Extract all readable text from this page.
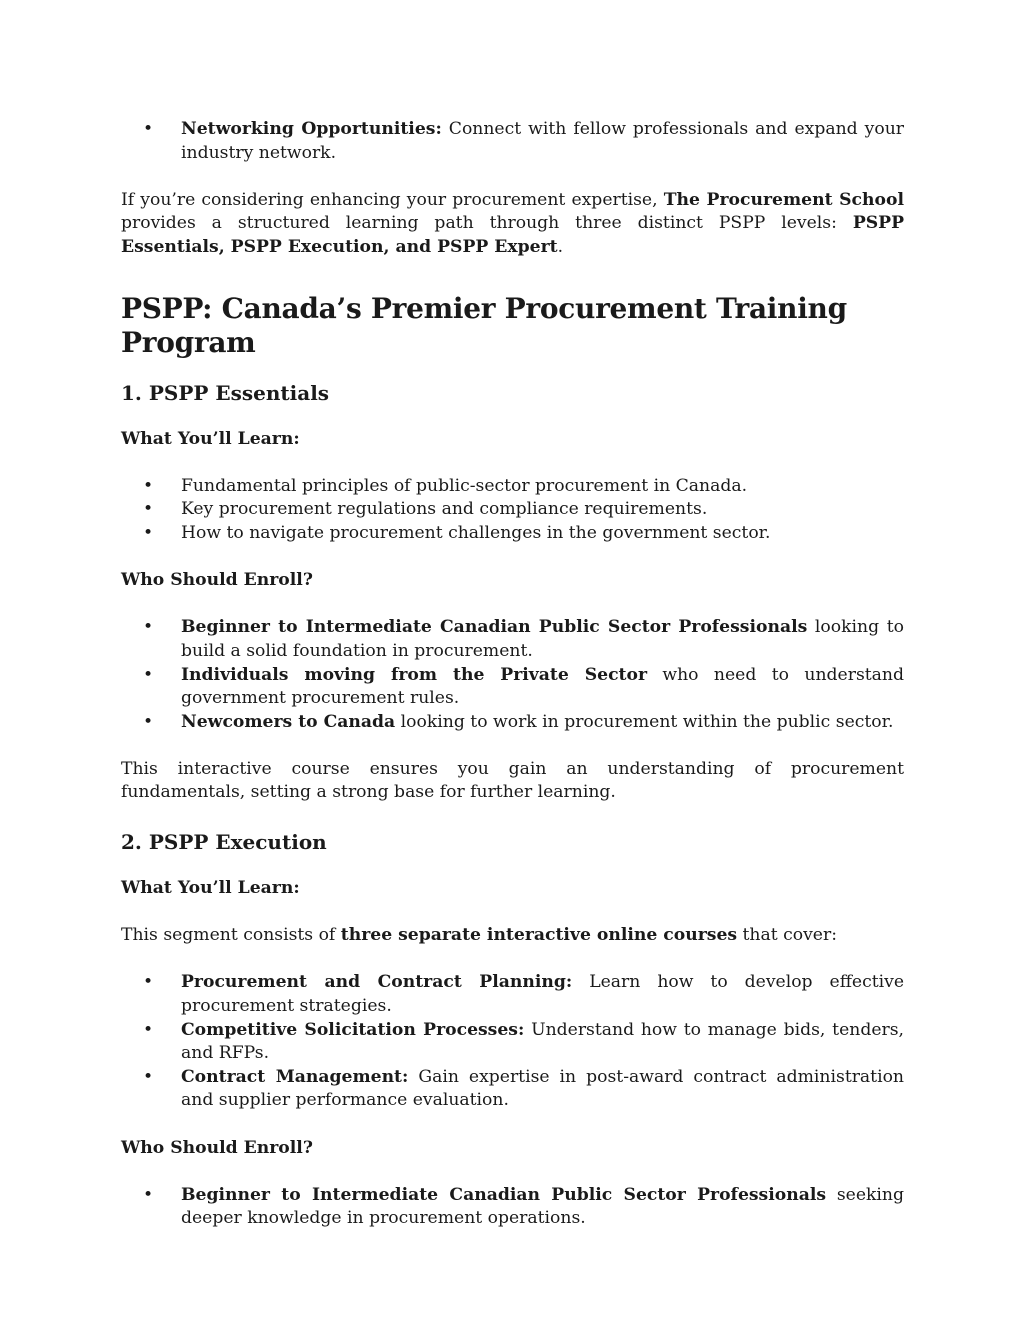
• Networking Opportunities: Connect with fellow professionals and expand your industry network.

If you’re considering enhancing your procurement expertise, The Procurement School provides a structured learning path through three distinct PSPP levels: PSPP Essentials, PSPP Execution, and PSPP Expert.

PSPP: Canada’s Premier Procurement Training Program
1. PSPP Essentials
What You’ll Learn:
• Fundamental principles of public-sector procurement in Canada.
• Key procurement regulations and compliance requirements.
• How to navigate procurement challenges in the government sector.
Who Should Enroll?
• Beginner to Intermediate Canadian Public Sector Professionals looking to build a solid foundation in procurement.
• Individuals moving from the Private Sector who need to understand government procurement rules.
• Newcomers to Canada looking to work in procurement within the public sector.

This interactive course ensures you gain an understanding of procurement fundamentals, setting a strong base for further learning.

2. PSPP Execution
What You’ll Learn:

This segment consists of three separate interactive online courses that cover:

• Procurement and Contract Planning: Learn how to develop effective procurement strategies.
• Competitive Solicitation Processes: Understand how to manage bids, tenders, and RFPs.
• Contract Management: Gain expertise in post-award contract administration and supplier performance evaluation.
Who Should Enroll?
• Beginner to Intermediate Canadian Public Sector Professionals seeking deeper knowledge in procurement operations.
